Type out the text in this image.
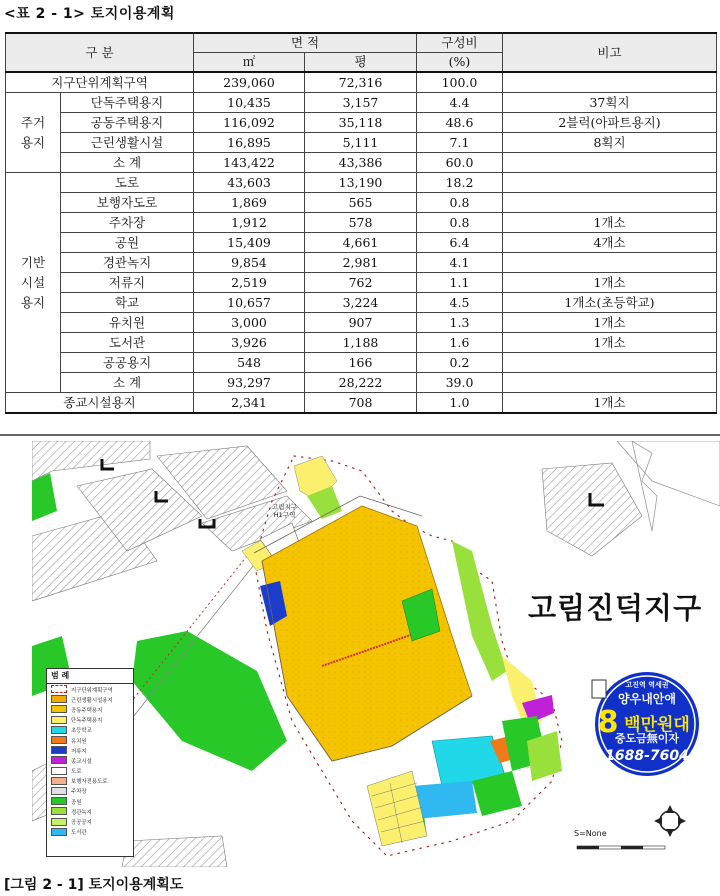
<표 2 - 1> 토지이용계획
구 분		면 적		구성비	비고
		㎡	평	(%)	
지구단위계획구역		239,060	72,316	100.0	

주거
용지	단독주택용지	10,435	3,157	4.4	37획지
	공동주택용지	116,092	35,118	48.6	2블럭(아파트용지)
	근린생활시설	16,895	5,111	7.1	8획지
	소 계	143,422	43,386	60.0	

기반
시설
용지	도로	43,603	13,190	18.2	
	보행자도로	1,869	565	0.8	
	주차장	1,912	578	0.8	1개소
	공원	15,409	4,661	6.4	4개소
	경관녹지	9,854	2,981	4.1	
	저류지	2,519	762	1.1	1개소
	학교	10,657	3,224	4.5	1개소(초등학교)
	유치원	3,000	907	1.3	1개소
	도서관	3,926	1,188	1.6	1개소
	공공용지	548	166	0.2	
	소 계	93,297	28,222	39.0	
종교시설용지		2,341	708	1.0	1개소
고림지구
H1구역
고림진덕지구
S=None
범 례
지구단위계획구역
근린생활시설용지
공동주택용지
단독주택용지
초등학교
유치원
저류지
종교시설
도로
보행자전용도로
주차장
공원
경관녹지
공공공지
도서관
고진역 역세권
양우내안애
8 백만원대
중도금無이자
1688-7604
[그림 2 - 1] 토지이용계획도
